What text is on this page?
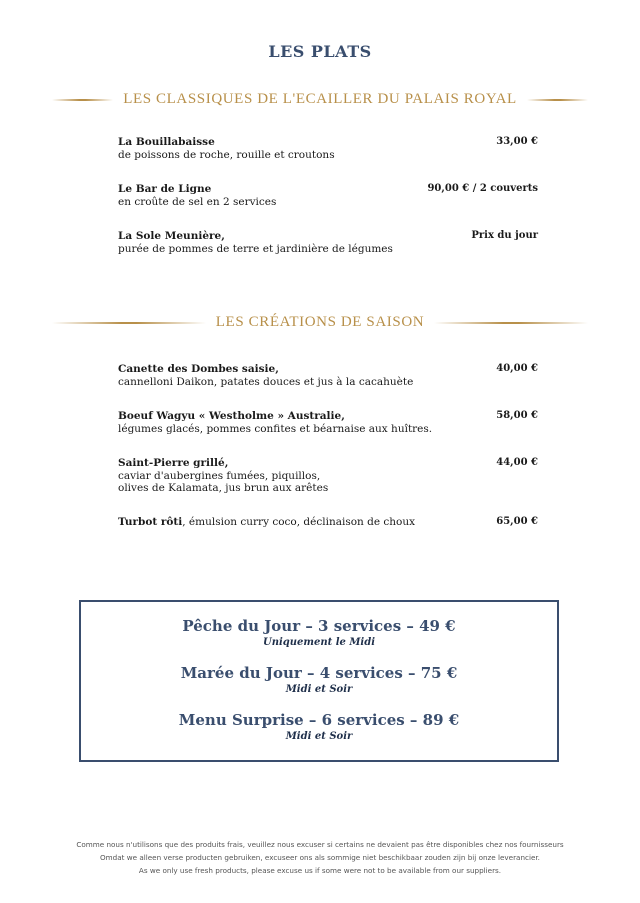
LES PLATS
LES CLASSIQUES DE L'ECAILLER DU PALAIS ROYAL
La Bouillabaisse
de poissons de roche, rouille et croutons
33,00 €
Le Bar de Ligne
en croûte de sel en 2 services
90,00 € / 2 couverts
La Sole Meunière,
purée de pommes de terre et jardinière de légumes
Prix du jour
LES CRÉATIONS DE SAISON
Canette des Dombes saisie,
cannelloni Daikon, patates douces et jus à la cacahuète
40,00 €
Boeuf Wagyu « Westholme » Australie,
légumes glacés, pommes confites et béarnaise aux huîtres.
58,00 €
Saint-Pierre grillé,
caviar d'aubergines fumées, piquillos,
olives de Kalamata, jus brun aux arêtes
44,00 €
Turbot rôti, émulsion curry coco, déclinaison de choux	65,00 €
Pêche du Jour – 3 services – 49 €
Uniquement le Midi
Marée du Jour – 4 services – 75 €
Midi et Soir
Menu Surprise – 6 services – 89 €
Midi et Soir
Comme nous n'utilisons que des produits frais, veuillez nous excuser si certains ne devaient pas être disponibles chez nos fournisseurs
Omdat we alleen verse producten gebruiken, excuseer ons als sommige niet beschikbaar zouden zijn bij onze leverancier.
As we only use fresh products, please excuse us if some were not to be available from our suppliers.
